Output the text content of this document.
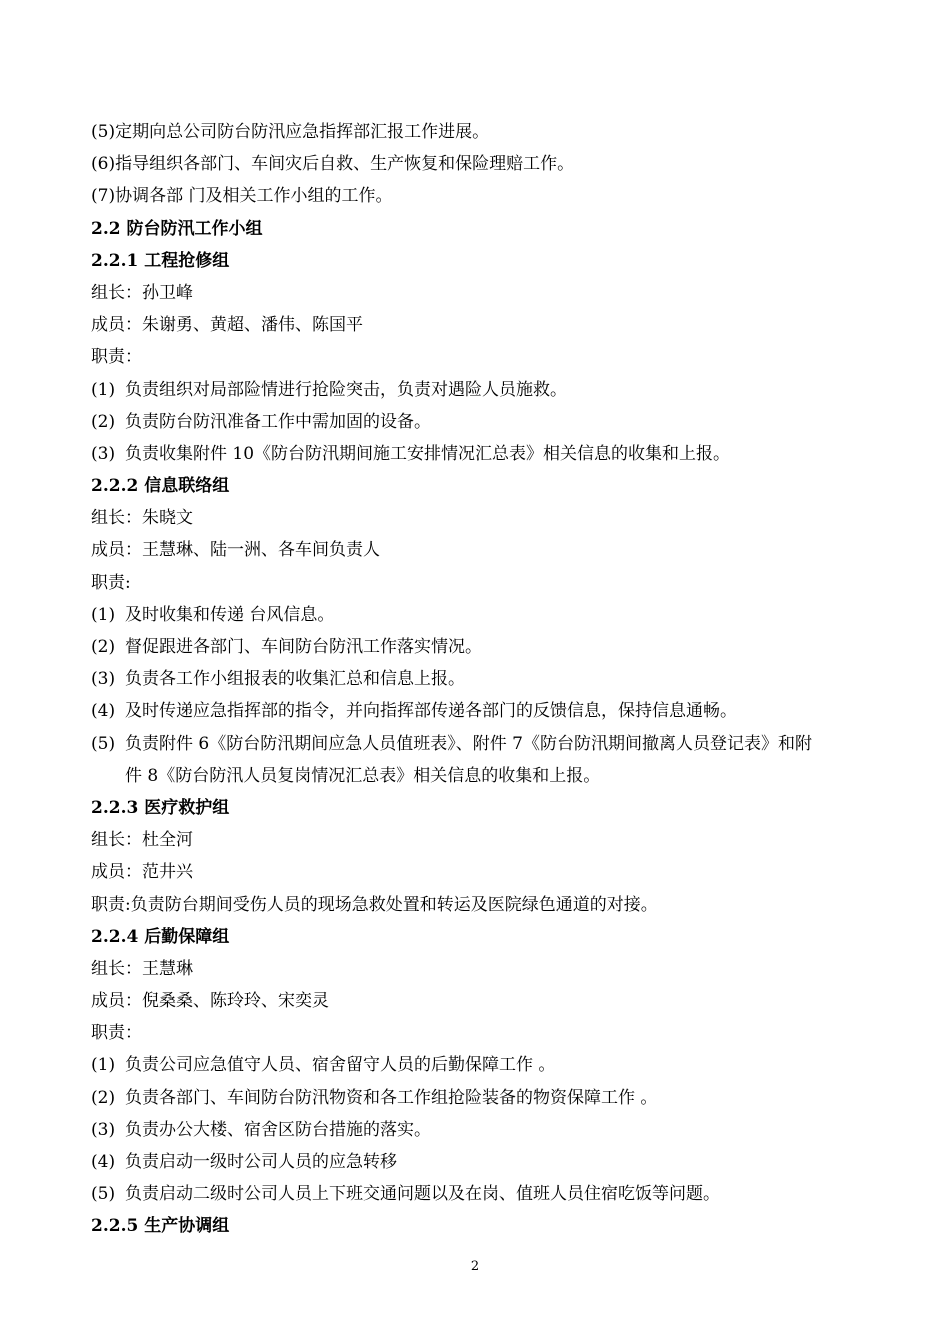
(5)定期向总公司防台防汛应急指挥部汇报工作进展。
(6)指导组织各部门、车间灾后自救、生产恢复和保险理赔工作。
(7)协调各部 门及相关工作小组的工作。
2.2 防台防汛工作小组
2.2.1 工程抢修组
组长：孙卫峰
成员：朱谢勇、黄超、潘伟、陈国平
职责：
(1) 负责组织对局部险情进行抢险突击，负责对遇险人员施救。
(2) 负责防台防汛准备工作中需加固的设备。
(3) 负责收集附件 10《防台防汛期间施工安排情况汇总表》相关信息的收集和上报。
2.2.2 信息联络组
组长：朱晓文
成员：王慧琳、陆一洲、各车间负责人
职责:
(1) 及时收集和传递 台风信息。
(2) 督促跟进各部门、车间防台防汛工作落实情况。
(3) 负责各工作小组报表的收集汇总和信息上报。
(4) 及时传递应急指挥部的指令，并向指挥部传递各部门的反馈信息，保持信息通畅。
(5) 负责附件 6《防台防汛期间应急人员值班表》、附件 7《防台防汛期间撤离人员登记表》和附
件 8《防台防汛人员复岗情况汇总表》相关信息的收集和上报。
2.2.3 医疗救护组
组长：杜全河
成员：范井兴
职责:负责防台期间受伤人员的现场急救处置和转运及医院绿色通道的对接。
2.2.4 后勤保障组
组长：王慧琳
成员：倪桑桑、陈玲玲、宋奕灵
职责：
(1) 负责公司应急值守人员、宿舍留守人员的后勤保障工作 。
(2) 负责各部门、车间防台防汛物资和各工作组抢险装备的物资保障工作 。
(3) 负责办公大楼、宿舍区防台措施的落实。
(4) 负责启动一级时公司人员的应急转移
(5) 负责启动二级时公司人员上下班交通问题以及在岗、值班人员住宿吃饭等问题。
2.2.5 生产协调组
2
